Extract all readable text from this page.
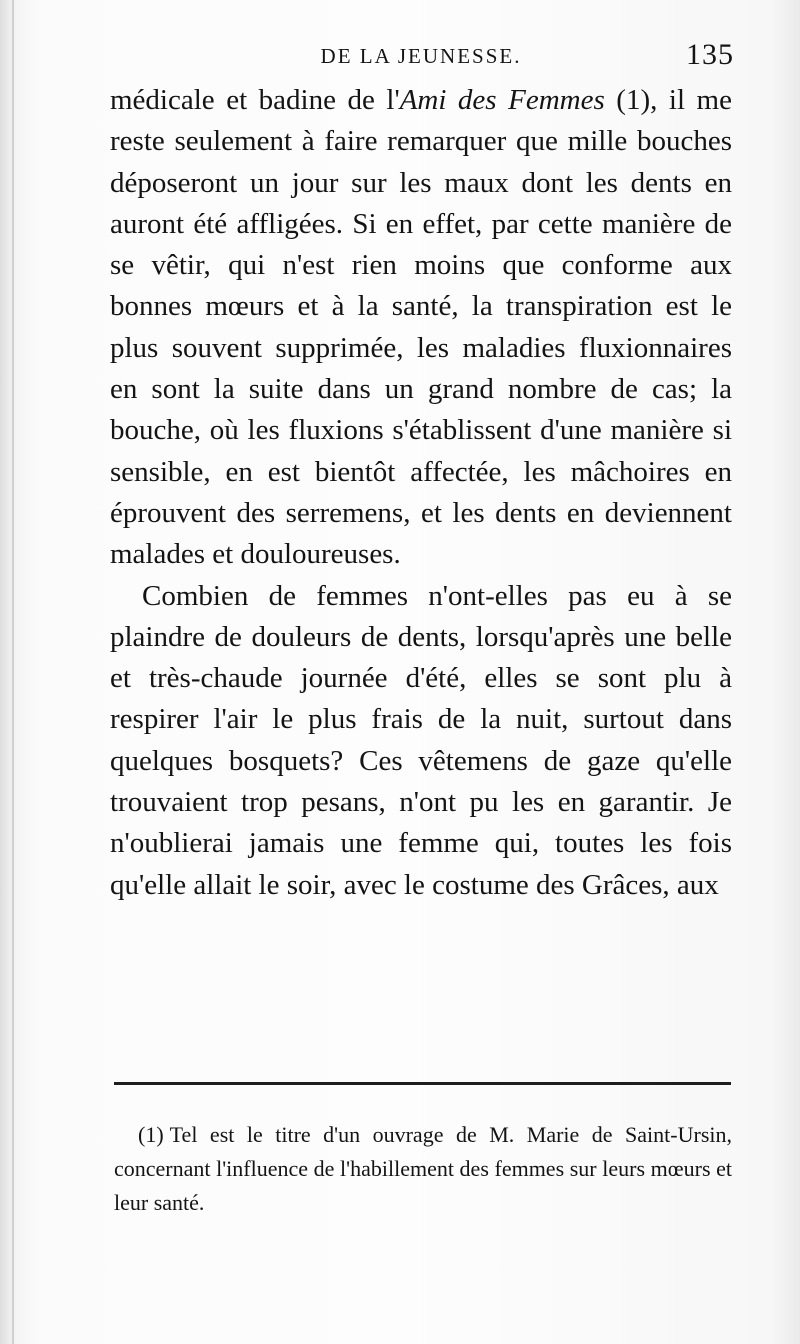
DE LA JEUNESSE.	135

médicale et badine de l'Ami des Femmes (1), il me reste seulement à faire remarquer que mille bouches déposeront un jour sur les maux dont les dents en auront été affligées. Si en effet, par cette manière de se vêtir, qui n'est rien moins que conforme aux bonnes mœurs et à la santé, la transpiration est le plus souvent supprimée, les maladies fluxionnaires en sont la suite dans un grand nombre de cas; la bouche, où les fluxions s'établissent d'une manière si sensible, en est bientôt affectée, les mâchoires en éprouvent des serremens, et les dents en deviennent malades et douloureuses.

Combien de femmes n'ont-elles pas eu à se plaindre de douleurs de dents, lorsqu'après une belle et très-chaude journée d'été, elles se sont plu à respirer l'air le plus frais de la nuit, surtout dans quelques bosquets? Ces vêtemens de gaze qu'elle trouvaient trop pesans, n'ont pu les en garantir. Je n'oublierai jamais une femme qui, toutes les fois qu'elle allait le soir, avec le costume des Grâces, aux

(1) Tel est le titre d'un ouvrage de M. Marie de Saint-Ursin, concernant l'influence de l'habillement des femmes sur leurs mœurs et leur santé.
